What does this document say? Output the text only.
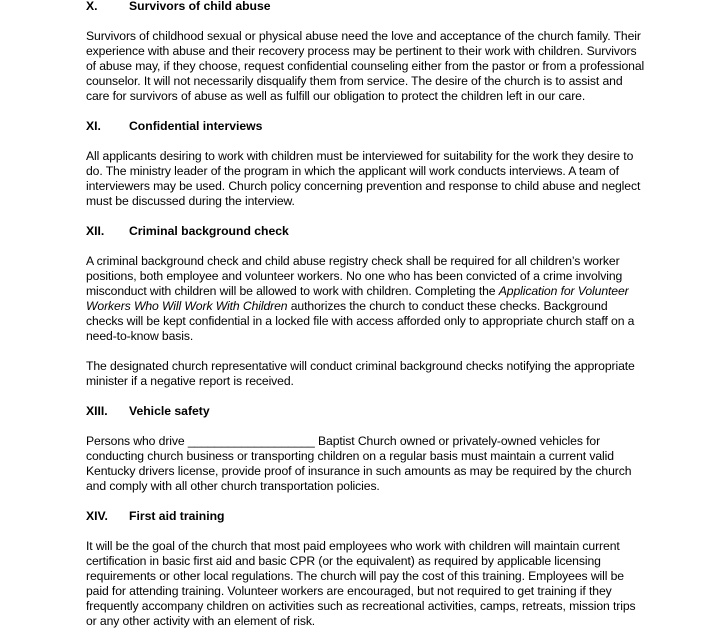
X.	Survivors of child abuse

Survivors of childhood sexual or physical abuse need the love and acceptance of the church family. Their experience with abuse and their recovery process may be pertinent to their work with children. Survivors of abuse may, if they choose, request confidential counseling either from the pastor or from a professional counselor. It will not necessarily disqualify them from service. The desire of the church is to assist and care for survivors of abuse as well as fulfill our obligation to protect the children left in our care.

XI.	Confidential interviews

All applicants desiring to work with children must be interviewed for suitability for the work they desire to do. The ministry leader of the program in which the applicant will work conducts interviews. A team of interviewers may be used. Church policy concerning prevention and response to child abuse and neglect must be discussed during the interview.

XII.	Criminal background check

A criminal background check and child abuse registry check shall be required for all children’s worker positions, both employee and volunteer workers. No one who has been convicted of a crime involving misconduct with children will be allowed to work with children. Completing the Application for Volunteer Workers Who Will Work With Children authorizes the church to conduct these checks. Background checks will be kept confidential in a locked file with access afforded only to appropriate church staff on a need-to-know basis.

The designated church representative will conduct criminal background checks notifying the appropriate minister if a negative report is received.

XIII.	Vehicle safety

Persons who drive ___________________ Baptist Church owned or privately-owned vehicles for conducting church business or transporting children on a regular basis must maintain a current valid Kentucky drivers license, provide proof of insurance in such amounts as may be required by the church and comply with all other church transportation policies.

XIV.	First aid training

It will be the goal of the church that most paid employees who work with children will maintain current certification in basic first aid and basic CPR (or the equivalent) as required by applicable licensing requirements or other local regulations. The church will pay the cost of this training. Employees will be paid for attending training. Volunteer workers are encouraged, but not required to get training if they frequently accompany children on activities such as recreational activities, camps, retreats, mission trips or any other activity with an element of risk.
